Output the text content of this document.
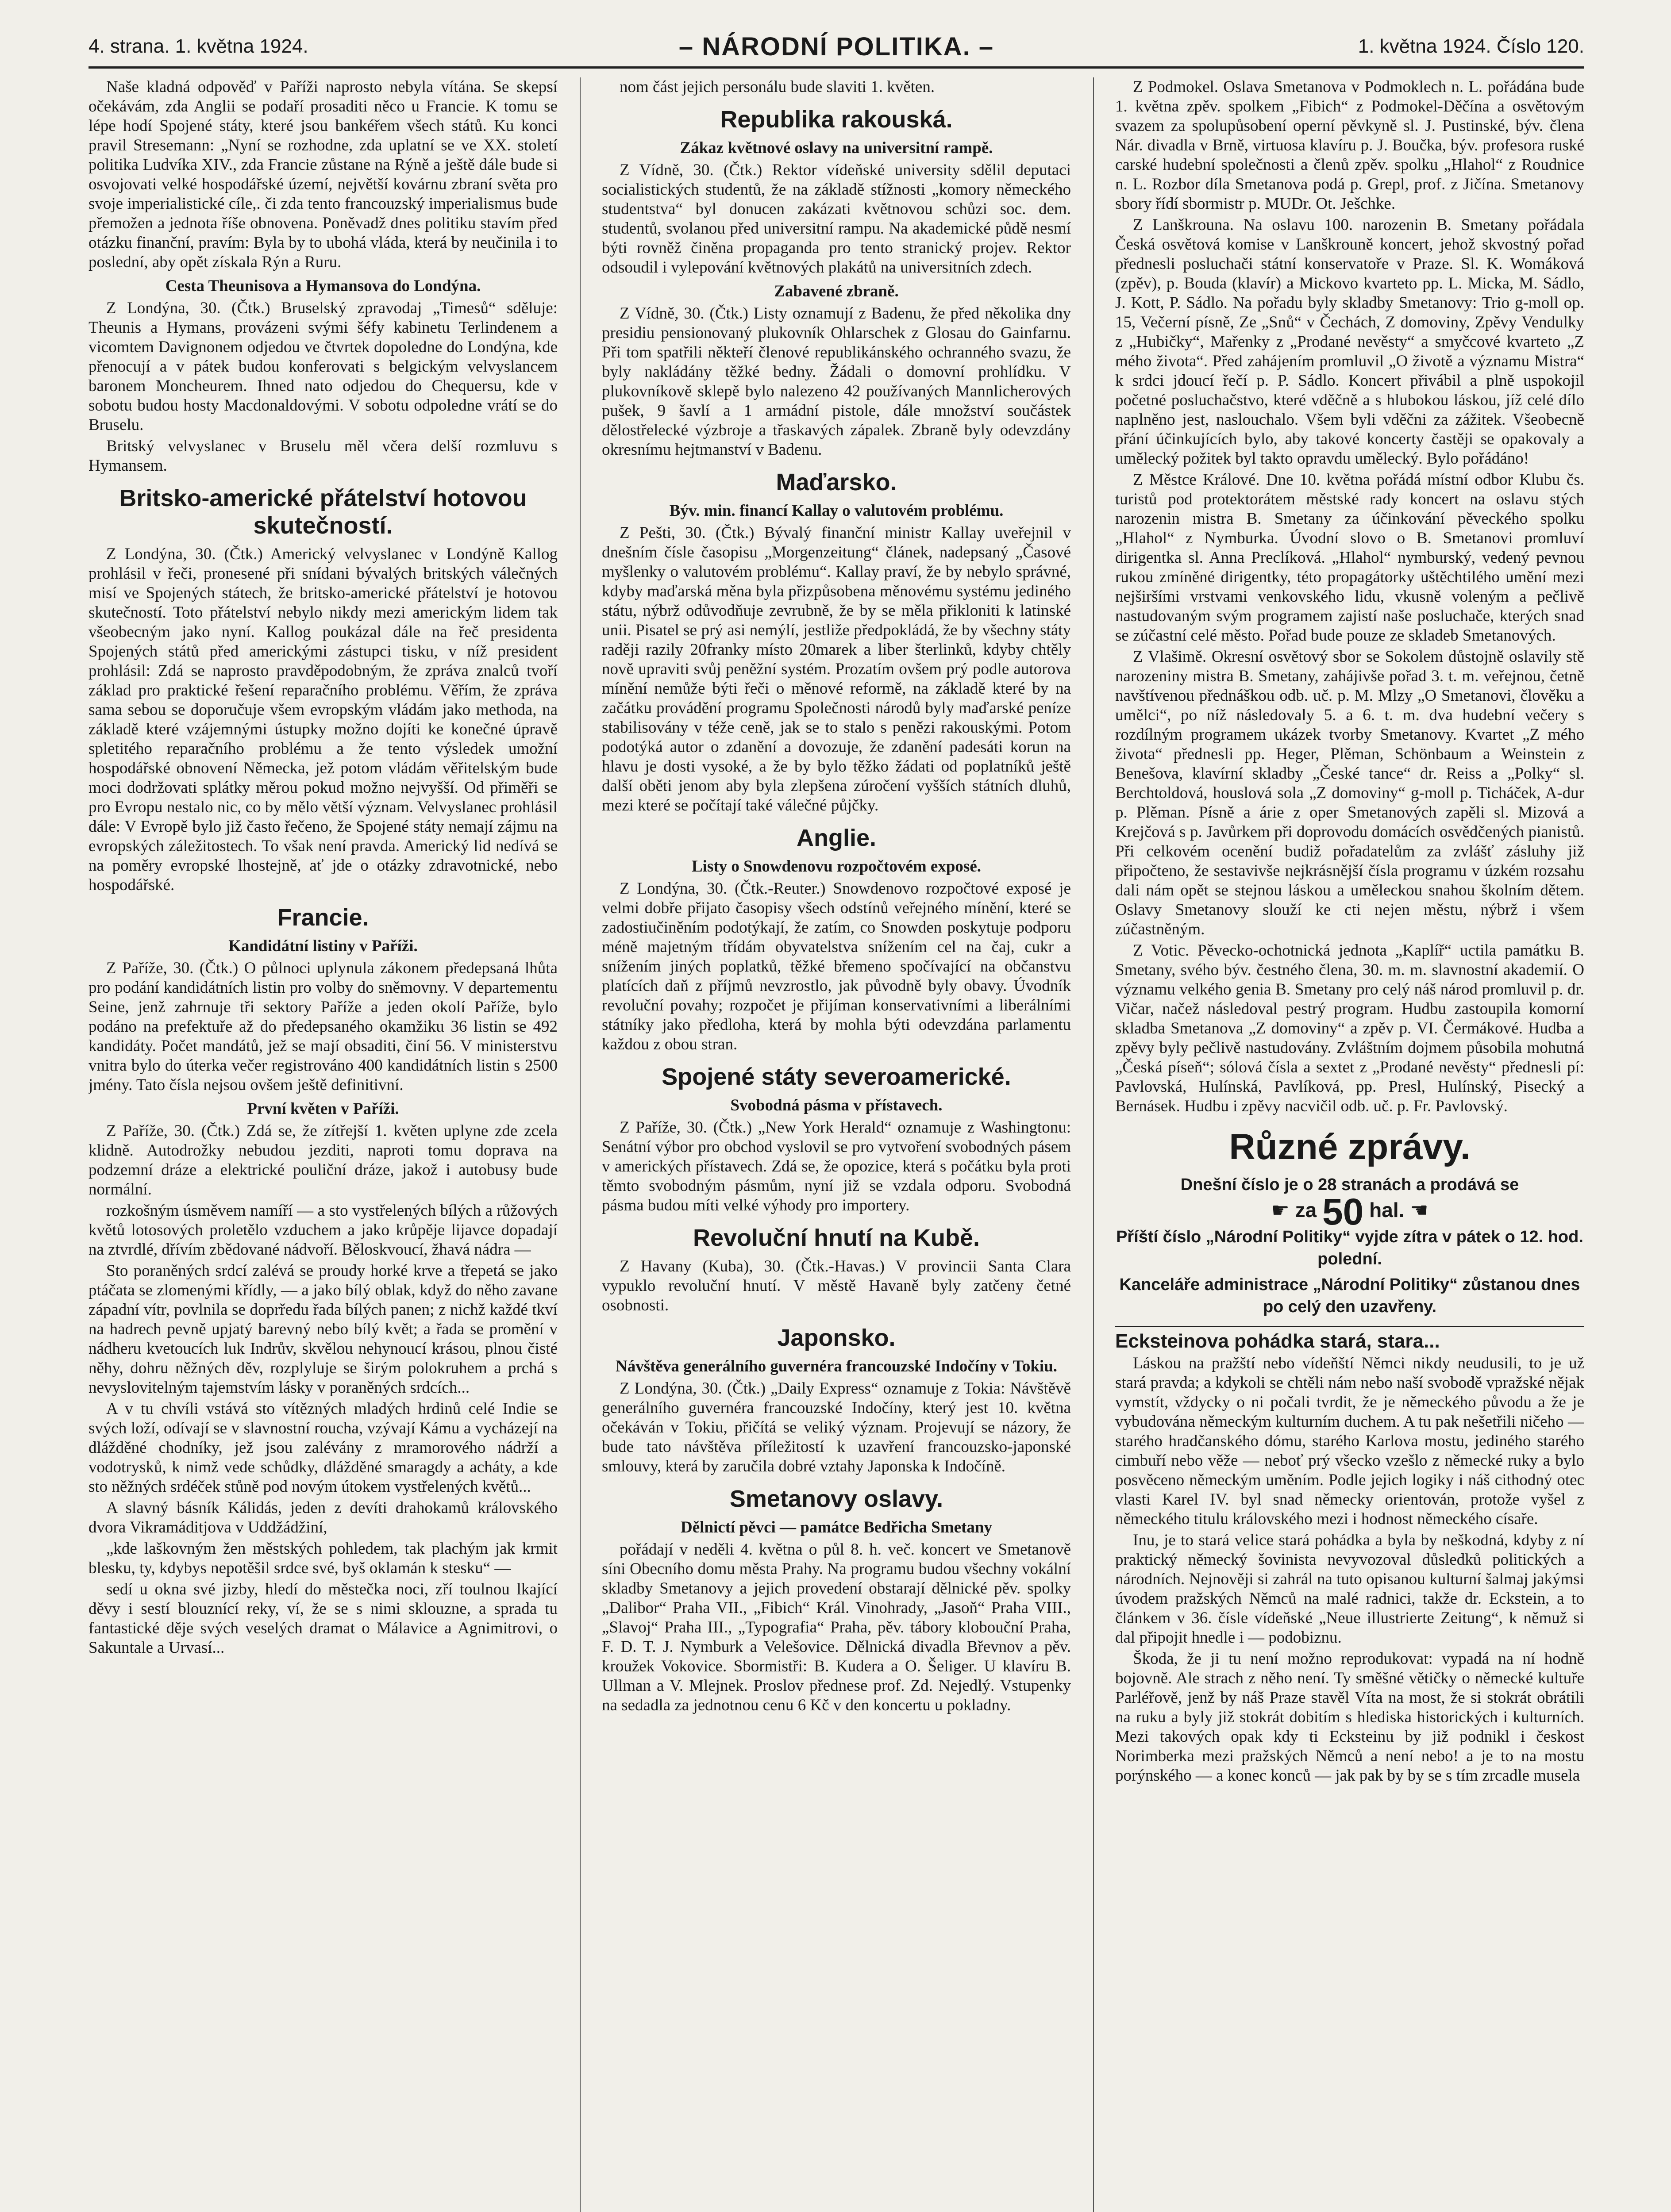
4. strana. 1. května 1924.	– NÁRODNÍ POLITIKA. –	1. května 1924. Číslo 120.

Naše kladná odpověď v Paříži naprosto nebyla vítána. Se skepsí očekávám, zda Anglii se podaří prosaditi něco u Francie. K tomu se lépe hodí Spojené státy, které jsou bankéřem všech států. Ku konci pravil Stresemann: „Nyní se rozhodne, zda uplatní se ve XX. století politika Ludvíka XIV., zda Francie zůstane na Rýně a ještě dále bude si osvojovati velké hospodářské území, největší kovárnu zbraní světa pro svoje imperialistické cíle,. či zda tento francouzský imperialismus bude přemožen a jednota říše obnovena. Poněvadž dnes politiku stavím před otázku finanční, pravím: Byla by to ubohá vláda, která by neučinila i to poslední, aby opět získala Rýn a Ruru.

Cesta Theunisova a Hymansova do Londýna.

Z Londýna, 30. (Čtk.) Bruselský zpravodaj „Timesů“ sděluje: Theunis a Hymans, provázeni svými šéfy kabinetu Terlindenem a vicomtem Davignonem odjedou ve čtvrtek dopoledne do Londýna, kde přenocují a v pátek budou konferovati s belgickým velvyslancem baronem Moncheurem. Ihned nato odjedou do Chequersu, kde v sobotu budou hosty Macdonaldovými. V sobotu odpoledne vrátí se do Bruselu.

Britský velvyslanec v Bruselu měl včera delší rozmluvu s Hymansem.

Britsko-americké přátelství hotovou skutečností.

Z Londýna, 30. (Čtk.) Americký velvyslanec v Londýně Kallog prohlásil v řeči, pronesené při snídani bývalých britských válečných misí ve Spojených státech, že britsko-americké přátelství je hotovou skutečností. Toto přátelství nebylo nikdy mezi americkým lidem tak všeobecným jako nyní. Kallog poukázal dále na řeč presidenta Spojených států před americkými zástupci tisku, v níž president prohlásil: Zdá se naprosto pravděpodobným, že zpráva znalců tvoří základ pro praktické řešení reparačního problému. Věřím, že zpráva sama sebou se doporučuje všem evropským vládám jako methoda, na základě které vzájemnými ústupky možno dojíti ke konečné úpravě spletitého reparačního problému a že tento výsledek umožní hospodářské obnovení Německa, jež potom vládám věřitelským bude moci dodržovati splátky měrou pokud možno nejvyšší. Od přiměři se pro Evropu nestalo nic, co by mělo větší význam. Velvyslanec prohlásil dále: V Evropě bylo již často řečeno, že Spojené státy nemají zájmu na evropských záležitostech. To však není pravda. Americký lid nedívá se na poměry evropské lhostejně, ať jde o otázky zdravotnické, nebo hospodářské.

Francie.
Kandidátní listiny v Paříži.

Z Paříže, 30. (Čtk.) O půlnoci uplynula zákonem předepsaná lhůta pro podání kandidátních listin pro volby do sněmovny. V departementu Seine, jenž zahrnuje tři sektory Paříže a jeden okolí Paříže, bylo podáno na prefektuře až do předepsaného okamžiku 36 listin se 492 kandidáty. Počet mandátů, jež se mají obsaditi, činí 56. V ministerstvu vnitra bylo do úterka večer registrováno 400 kandidátních listin s 2500 jmény. Tato čísla nejsou ovšem ještě definitivní.

První květen v Paříži.

Z Paříže, 30. (Čtk.) Zdá se, že zítřejší 1. květen uplyne zde zcela klidně. Autodrožky nebudou jezditi, naproti tomu doprava na podzemní dráze a elektrické pouliční dráze, jakož i autobusy bude normální.

rozkošným úsměvem namíří — a sto vystřelených bílých a růžových květů lotosových proletělo vzduchem a jako krůpěje lijavce dopadají na ztvrdlé, dřívím zbědované nádvoří. Běloskvoucí, žhavá nádra —

Sto poraněných srdcí zalévá se proudy horké krve a třepetá se jako ptáčata se zlomenými křídly, — a jako bílý oblak, když do něho zavane západní vítr, povlnila se doprředu řada bílých panen; z nichž každé tkví na hadrech pevně upjatý barevný nebo bílý květ; a řada se promění v nádheru kvetoucích luk Indrův, skvělou nehynoucí krásou, plnou čisté něhy, dohru něžných děv, rozplyluje se širým polokruhem a prchá s nevyslovitelným tajemstvím lásky v poraněných srdcích...

A v tu chvíli vstává sto vítězných mladých hrdinů celé Indie se svých loží, odívají se v slavnostní roucha, vzývají Kámu a vycházejí na dlážděné chodníky, jež jsou zalévány z mramorového nádrží a vodotrysků, k nimž vede schůdky, dlážděné smaragdy a acháty, a kde sto něžných srdéček stůně pod novým útokem vystřelených květů...

A slavný básník Kálidás, jeden z devíti drahokamů královského dvora Vikramáditjova v Uddžádžiní,

„kde laškovným žen městských pohledem, tak plachým jak krmit blesku, ty, kdybys nepotěšil srdce své, byš oklamán k stesku“ —

sedí u okna své jizby, hledí do městečka noci, zří toulnou lkající děvy i sestí blouznící reky, ví, že se s nimi sklouzne, a sprada tu fantastické děje svých veselých dramat o Málavice a Agnimitrovi, o Sakuntale a Urvasí...

nom část jejich personálu bude slaviti 1. květen.

Republika rakouská.
Zákaz květnové oslavy na universitní rampě.

Z Vídně, 30. (Čtk.) Rektor vídeňské university sdělil deputaci socialistických studentů, že na základě stížnosti „komory německého studentstva“ byl donucen zakázati květnovou schůzi soc. dem. studentů, svolanou před universitní rampu. Na akademické půdě nesmí býti rovněž činěna propaganda pro tento stranický projev. Rektor odsoudil i vylepování květnových plakátů na universitních zdech.

Zabavené zbraně.

Z Vídně, 30. (Čtk.) Listy oznamují z Badenu, že před několika dny presidiu pensionovaný plukovník Ohlarschek z Glosau do Gainfarnu. Při tom spatřili někteří členové republikánského ochranného svazu, že byly nakládány těžké bedny. Žádali o domovní prohlídku. V plukovníkově sklepě bylo nalezeno 42 používaných Mannlicherových pušek, 9 šavlí a 1 armádní pistole, dále množství součástek dělostřelecké výzbroje a třaskavých zápalek. Zbraně byly odevzdány okresnímu hejtmanství v Badenu.

Maďarsko.
Býv. min. financí Kallay o valutovém problému.

Z Pešti, 30. (Čtk.) Bývalý finanční ministr Kallay uveřejnil v dnešním čísle časopisu „Morgenzeitung“ článek, nadepsaný „Časové myšlenky o valutovém problému“. Kallay praví, že by nebylo správné, kdyby maďarská měna byla přizpůsobena měnovému systému jediného státu, nýbrž odůvodňuje zevrubně, že by se měla přikloniti k latinské unii. Pisatel se prý asi nemýlí, jestliže předpokládá, že by všechny státy raději razily 20franky místo 20marek a liber šterlinků, kdyby chtěly nově upraviti svůj peněžní systém. Prozatím ovšem prý podle autorova mínění nemůže býti řeči o měnové reformě, na základě které by na začátku provádění programu Společnosti národů byly maďarské peníze stabilisovány v téže ceně, jak se to stalo s penězi rakouskými. Potom podotýká autor o zdanění a dovozuje, že zdanění padesáti korun na hlavu je dosti vysoké, a že by bylo těžko žádati od poplatníků ještě další oběti jenom aby byla zlepšena zúročení vyšších státních dluhů, mezi které se počítají také válečné půjčky.

Anglie.
Listy o Snowdenovu rozpočtovém exposé.

Z Londýna, 30. (Čtk.-Reuter.) Snowdenovo rozpočtové exposé je velmi dobře přijato časopisy všech odstínů veřejného mínění, které se zadostiučiněním podotýkají, že zatím, co Snowden poskytuje podporu méně majetným třídám obyvatelstva snížením cel na čaj, cukr a snížením jiných poplatků, těžké břemeno spočívající na občanstvu platících daň z příjmů nevzrostlo, jak původně byly obavy. Úvodník revoluční povahy; rozpočet je přijíman konservativními a liberálními státníky jako předloha, která by mohla býti odevzdána parlamentu každou z obou stran.

Spojené státy severoamerické.
Svobodná pásma v přístavech.

Z Paříže, 30. (Čtk.) „New York Herald“ oznamuje z Washingtonu: Senátní výbor pro obchod vyslovil se pro vytvoření svobodných pásem v amerických přístavech. Zdá se, že opozice, která s počátku byla proti těmto svobodným pásmům, nyní již se vzdala odporu. Svobodná pásma budou míti velké výhody pro importery.

Revoluční hnutí na Kubě.

Z Havany (Kuba), 30. (Čtk.-Havas.) V provincii Santa Clara vypuklo revoluční hnutí. V městě Havaně byly zatčeny četné osobnosti.

Japonsko.
Návštěva generálního guvernéra francouzské Indočíny v Tokiu.

Z Londýna, 30. (Čtk.) „Daily Express“ oznamuje z Tokia: Návštěvě generálního guvernéra francouzské Indočíny, který jest 10. května očekáván v Tokiu, přičítá se veliký význam. Projevují se názory, že bude tato návštěva příležitostí k uzavření francouzsko-japonské smlouvy, která by zaručila dobré vztahy Japonska k Indočíně.

Smetanovy oslavy.
Dělnictí pěvci — památce Bedřicha Smetany

pořádají v neděli 4. května o půl 8. h. več. koncert ve Smetanově síni Obecního domu města Prahy. Na programu budou všechny vokální skladby Smetanovy a jejich provedení obstarají dělnické pěv. spolky „Dalibor“ Praha VII., „Fibich“ Král. Vinohrady, „Jasoň“ Praha VIII., „Slavoj“ Praha III., „Typografia“ Praha, pěv. tábory klobouční Praha, F. D. T. J. Nymburk a Velešovice. Dělnická divadla Břevnov a pěv. kroužek Vokovice. Sbormistři: B. Kudera a O. Šeliger. U klavíru B. Ullman a V. Mlejnek. Proslov přednese prof. Zd. Nejedlý. Vstupenky na sedadla za jednotnou cenu 6 Kč v den koncertu u pokladny.

Z Podmokel. Oslava Smetanova v Podmoklech n. L. pořádána bude 1. května zpěv. spolkem „Fibich“ z Podmokel-Děčína a osvětovým svazem za spolupůsobení operní pěvkyně sl. J. Pustinské, býv. člena Nár. divadla v Brně, virtuosa klavíru p. J. Boučka, býv. profesora ruské carské hudební společnosti a členů zpěv. spolku „Hlahol“ z Roudnice n. L. Rozbor díla Smetanova podá p. Grepl, prof. z Jičína. Smetanovy sbory řídí sbormistr p. MUDr. Ot. Ješchke.

Z Lanškrouna. Na oslavu 100. narozenin B. Smetany pořádala Česká osvětová komise v Lanškrouně koncert, jehož skvostný pořad přednesli posluchači státní konservatoře v Praze. Sl. K. Womáková (zpěv), p. Bouda (klavír) a Mickovo kvarteto pp. L. Micka, M. Sádlo, J. Kott, P. Sádlo. Na pořadu byly skladby Smetanovy: Trio g-moll op. 15, Večerní písně, Ze „Snů“ v Čechách, Z domoviny, Zpěvy Vendulky z „Hubičky“, Mařenky z „Prodané nevěsty“ a smyčcové kvarteto „Z mého života“. Před zahájením promluvil „O životě a významu Mistra“ k srdci jdoucí řečí p. P. Sádlo. Koncert přivábil a plně uspokojil početné posluchačstvo, které vděčně a s hlubokou láskou, jíž celé dílo naplněno jest, naslouchalo. Všem byli vděčni za zážitek. Všeobecně přání účinkujících bylo, aby takové koncerty častěji se opakovaly a umělecký požitek byl takto opravdu umělecký. Bylo pořádáno!

Z Městce Králové. Dne 10. května pořádá místní odbor Klubu čs. turistů pod protektorátem městské rady koncert na oslavu stých narozenin mistra B. Smetany za účinkování pěveckého spolku „Hlahol“ z Nymburka. Úvodní slovo o B. Smetanovi promluví dirigentka sl. Anna Preclíková. „Hlahol“ nymburský, vedený pevnou rukou zmíněné dirigentky, této propagátorky uštěchtilého umění mezi nejširšími vrstvami venkovského lidu, vkusně voleným a pečlivě nastudovaným svým programem zajistí naše posluchače, kterých snad se zúčastní celé město. Pořad bude pouze ze skladeb Smetanových.

Z Vlašimě. Okresní osvětový sbor se Sokolem důstojně oslavily stě narozeniny mistra B. Smetany, zahájivše pořad 3. t. m. veřejnou, četně navštívenou přednáškou odb. uč. p. M. Mlzy „O Smetanovi, člověku a umělci“, po níž následovaly 5. a 6. t. m. dva hudební večery s rozdílným programem ukázek tvorby Smetanovy. Kvartet „Z mého života“ přednesli pp. Heger, Plěman, Schönbaum a Weinstein z Benešova, klavírní skladby „České tance“ dr. Reiss a „Polky“ sl. Berchtoldová, houslová sola „Z domoviny“ g-moll p. Ticháček, A-dur p. Plěman. Písně a árie z oper Smetanových zapěli sl. Mizová a Krejčová s p. Javůrkem při doprovodu domácích osvědčených pianistů. Při celkovém ocenění budiž pořadatelům za zvlášť zásluhy již připočteno, že sestavivše nejkrásnější čísla programu v úzkém rozsahu dali nám opět se stejnou láskou a uměleckou snahou školním dětem. Oslavy Smetanovy slouží ke cti nejen městu, nýbrž i všem zúčastněným.

Z Votic. Pěvecko-ochotnická jednota „Kaplíř“ uctila památku B. Smetany, svého býv. čestného člena, 30. m. m. slavnostní akademií. O významu velkého genia B. Smetany pro celý náš národ promluvil p. dr. Vičar, načež následoval pestrý program. Hudbu zastoupila komorní skladba Smetanova „Z domoviny“ a zpěv p. VI. Čermákové. Hudba a zpěvy byly pečlivě nastudovány. Zvláštním dojmem působila mohutná „Česká píseň“; sólová čísla a sextet z „Prodané nevěsty“ přednesli pí: Pavlovská, Hulínská, Pavlíková, pp. Presl, Hulínský, Pisecký a Bernásek. Hudbu i zpěvy nacvičil odb. uč. p. Fr. Pavlovský.

Různé zprávy.
Dnešní číslo je o 28 stranách a prodává se
☛ za 50 hal. ☚
Příští číslo „Národní Politiky“ vyjde zítra v pátek o 12. hod. polední.
Kanceláře administrace „Národní Politiky“ zůstanou dnes po celý den uzavřeny.
Ecksteinova pohádka stará, stara...

Láskou na pražští nebo vídeňští Němci nikdy neudusili, to je už stará pravda; a kdykoli se chtěli nám nebo naší svobodě vpražské nějak vymstít, vždycky o ni počali tvrdit, že je německého původu a že je vybudována německým kulturním duchem. A tu pak nešetřili ničeho — starého hradčanského dómu, starého Karlova mostu, jediného starého cimbuří nebo věže — neboť prý všecko vzešlo z německé ruky a bylo posvěceno německým uměním. Podle jejich logiky i náš cithodný otec vlasti Karel IV. byl snad německy orientován, protože vyšel z německého titulu královského mezi i hodnost německého císaře.

Inu, je to stará velice stará pohádka a byla by neškodná, kdyby z ní praktický německý šovinista nevyvozoval důsledků politických a národních. Nejnověji si zahrál na tuto opisanou kulturní šalmaj jakýmsi úvodem pražských Němců na malé radnici, takže dr. Eckstein, a to článkem v 36. čísle vídeňské „Neue illustrierte Zeitung“, k němuž si dal připojit hnedle i — podobiznu.

Škoda, že ji tu není možno reprodukovat: vypadá na ní hodně bojovně. Ale strach z něho není. Ty směšné větičky o německé kultuře Parléřově, jenž by náš Praze stavěl Víta na most, že si stokrát obrátili na ruku a byly již stokrát dobitím s hlediska historických i kulturních. Mezi takových opak kdy ti Ecksteinu by již podnikl i českost Norimberka mezi pražských Němců a není nebo! a je to na mostu porýnského — a konec konců — jak pak by by se s tím zrcadle musela
